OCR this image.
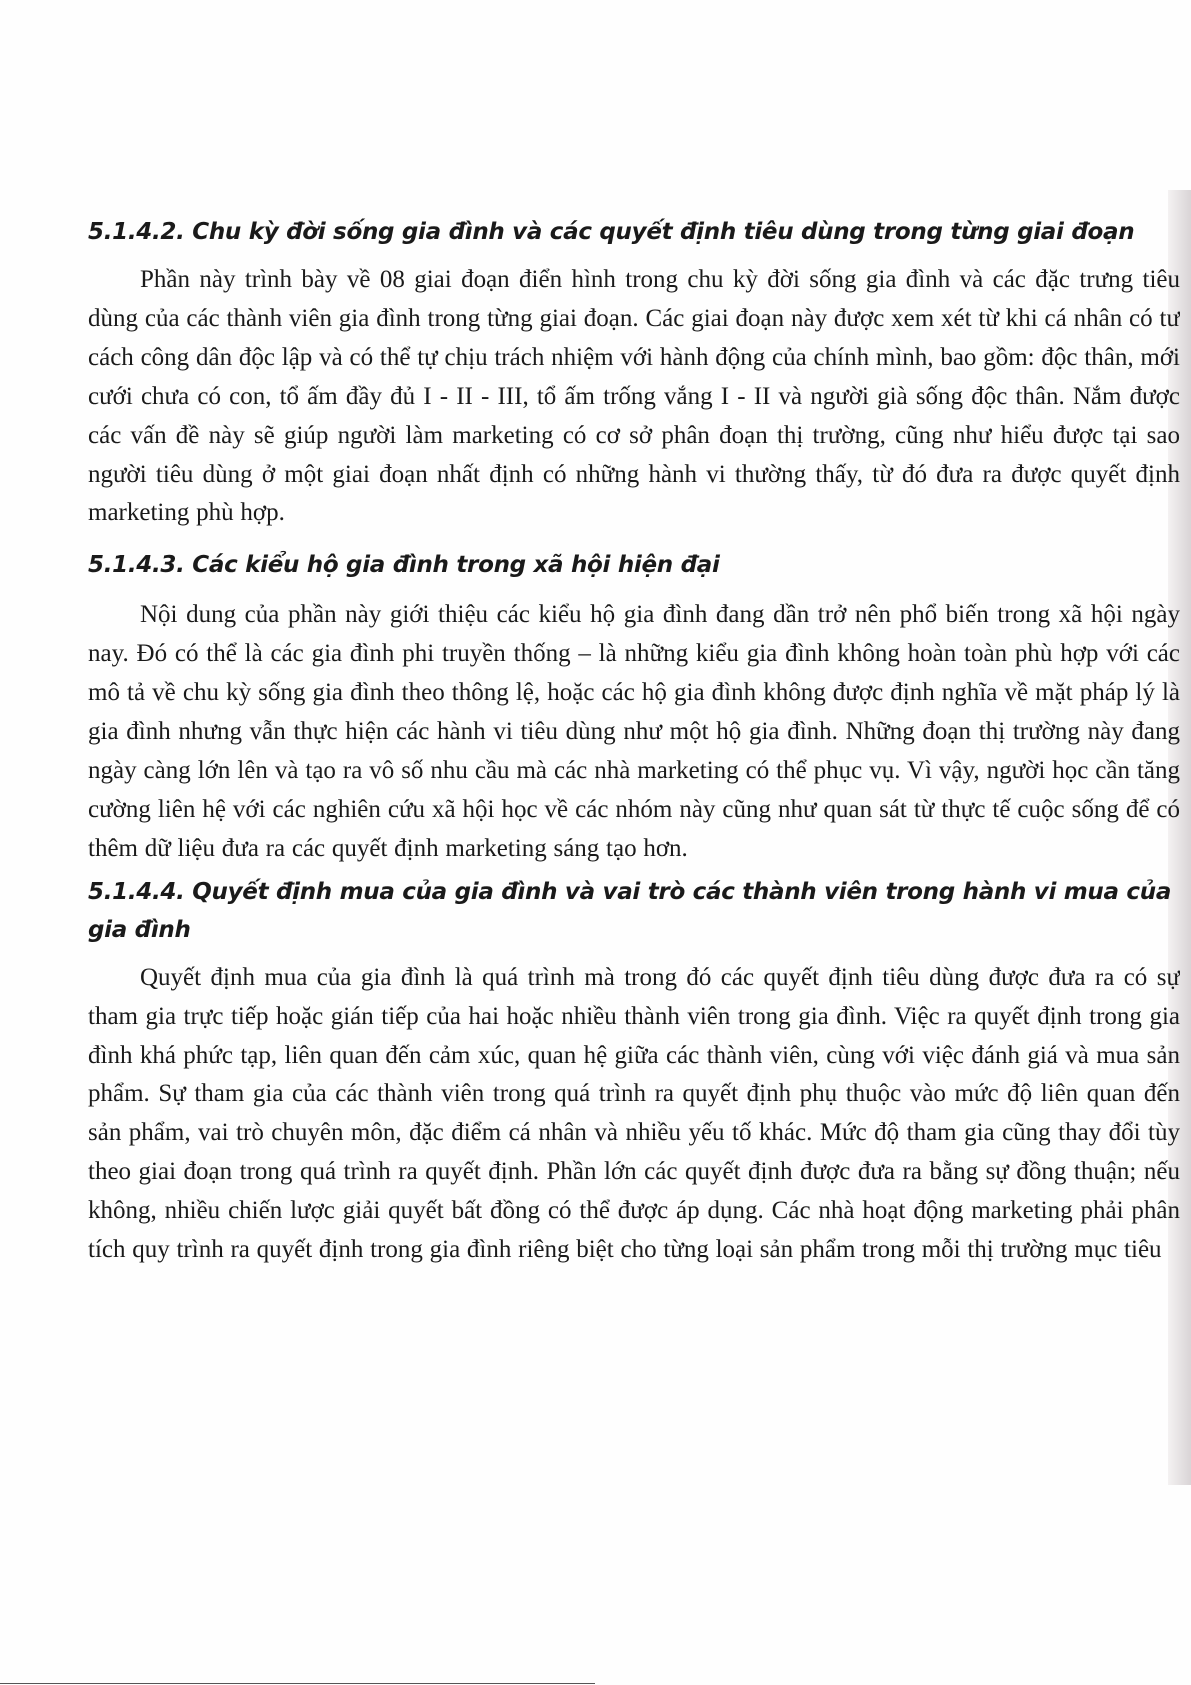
5.1.4.2. Chu kỳ đời sống gia đình và các quyết định tiêu dùng trong từng giai đoạn

Phần này trình bày về 08 giai đoạn điển hình trong chu kỳ đời sống gia đình và các đặc trưng tiêu dùng của các thành viên gia đình trong từng giai đoạn. Các giai đoạn này được xem xét từ khi cá nhân có tư cách công dân độc lập và có thể tự chịu trách nhiệm với hành động của chính mình, bao gồm: độc thân, mới cưới chưa có con, tổ ấm đầy đủ I - II - III, tổ ấm trống vắng I - II và người già sống độc thân. Nắm được các vấn đề này sẽ giúp người làm marketing có cơ sở phân đoạn thị trường, cũng như hiểu được tại sao người tiêu dùng ở một giai đoạn nhất định có những hành vi thường thấy, từ đó đưa ra được quyết định marketing phù hợp.

5.1.4.3. Các kiểu hộ gia đình trong xã hội hiện đại

Nội dung của phần này giới thiệu các kiểu hộ gia đình đang dần trở nên phổ biến trong xã hội ngày nay. Đó có thể là các gia đình phi truyền thống – là những kiểu gia đình không hoàn toàn phù hợp với các mô tả về chu kỳ sống gia đình theo thông lệ, hoặc các hộ gia đình không được định nghĩa về mặt pháp lý là gia đình nhưng vẫn thực hiện các hành vi tiêu dùng như một hộ gia đình. Những đoạn thị trường này đang ngày càng lớn lên và tạo ra vô số nhu cầu mà các nhà marketing có thể phục vụ. Vì vậy, người học cần tăng cường liên hệ với các nghiên cứu xã hội học về các nhóm này cũng như quan sát từ thực tế cuộc sống để có thêm dữ liệu đưa ra các quyết định marketing sáng tạo hơn.

5.1.4.4. Quyết định mua của gia đình và vai trò các thành viên trong hành vi mua của gia đình

Quyết định mua của gia đình là quá trình mà trong đó các quyết định tiêu dùng được đưa ra có sự tham gia trực tiếp hoặc gián tiếp của hai hoặc nhiều thành viên trong gia đình. Việc ra quyết định trong gia đình khá phức tạp, liên quan đến cảm xúc, quan hệ giữa các thành viên, cùng với việc đánh giá và mua sản phẩm. Sự tham gia của các thành viên trong quá trình ra quyết định phụ thuộc vào mức độ liên quan đến sản phẩm, vai trò chuyên môn, đặc điểm cá nhân và nhiều yếu tố khác. Mức độ tham gia cũng thay đổi tùy theo giai đoạn trong quá trình ra quyết định. Phần lớn các quyết định được đưa ra bằng sự đồng thuận; nếu không, nhiều chiến lược giải quyết bất đồng có thể được áp dụng. Các nhà hoạt động marketing phải phân tích quy trình ra quyết định trong gia đình riêng biệt cho từng loại sản phẩm trong mỗi thị trường mục tiêu
